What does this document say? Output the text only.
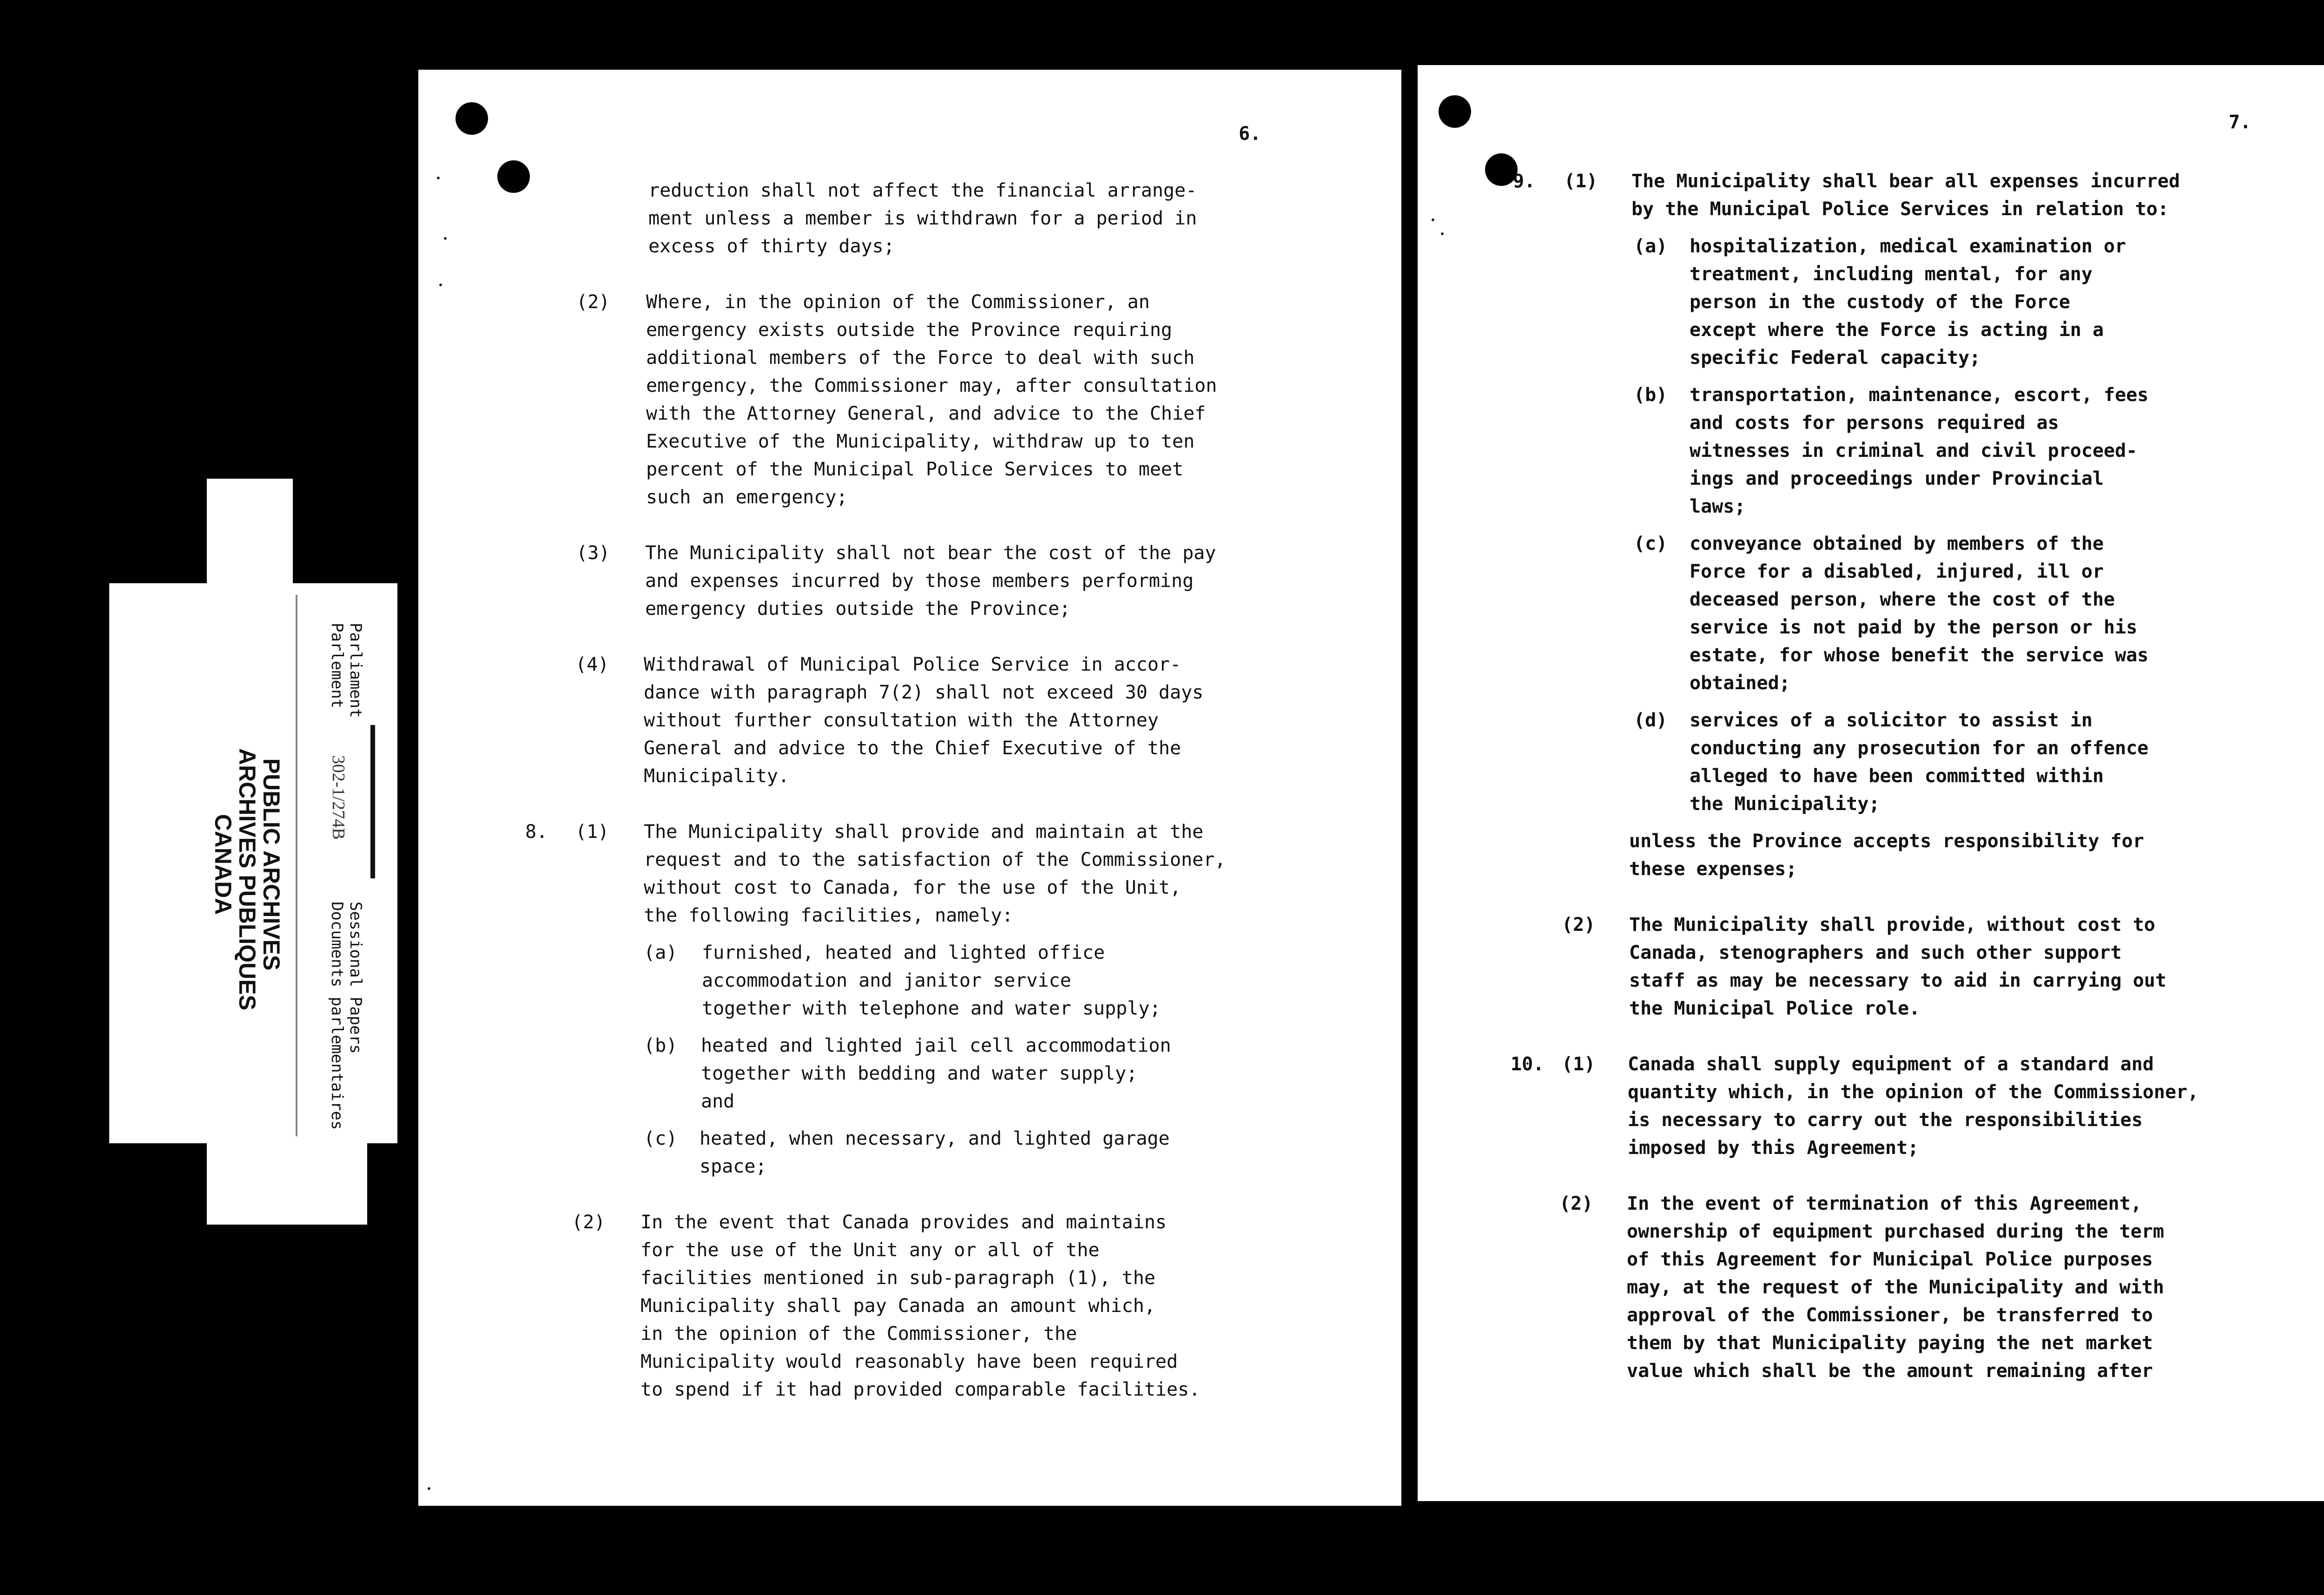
6.
reduction shall not affect the financial arrange-
ment unless a member is withdrawn for a period in
excess of thirty days;
(2) Where, in the opinion of the Commissioner, an
emergency exists outside the Province requiring
additional members of the Force to deal with such
emergency, the Commissioner may, after consultation
with the Attorney General, and advice to the Chief
Executive of the Municipality, withdraw up to ten
percent of the Municipal Police Services to meet
such an emergency;
(3) The Municipality shall not bear the cost of the pay
and expenses incurred by those members performing
emergency duties outside the Province;
(4) Withdrawal of Municipal Police Service in accor-
dance with paragraph 7(2) shall not exceed 30 days
without further consultation with the Attorney
General and advice to the Chief Executive of the
Municipality.
8. (1) The Municipality shall provide and maintain at the
request and to the satisfaction of the Commissioner,
without cost to Canada, for the use of the Unit,
the following facilities, namely:
(a) furnished, heated and lighted office
accommodation and janitor service
together with telephone and water supply;
(b) heated and lighted jail cell accommodation
together with bedding and water supply;
and
(c) heated, when necessary, and lighted garage
space;
(2) In the event that Canada provides and maintains
for the use of the Unit any or all of the
facilities mentioned in sub-paragraph (1), the
Municipality shall pay Canada an amount which,
in the opinion of the Commissioner, the
Municipality would reasonably have been required
to spend if it had provided comparable facilities.
7.
9. (1) The Municipality shall bear all expenses incurred
by the Municipal Police Services in relation to:
(a) hospitalization, medical examination or
treatment, including mental, for any
person in the custody of the Force
except where the Force is acting in a
specific Federal capacity;
(b) transportation, maintenance, escort, fees
and costs for persons required as
witnesses in criminal and civil proceed-
ings and proceedings under Provincial
laws;
(c) conveyance obtained by members of the
Force for a disabled, injured, ill or
deceased person, where the cost of the
service is not paid by the person or his
estate, for whose benefit the service was
obtained;
(d) services of a solicitor to assist in
conducting any prosecution for an offence
alleged to have been committed within
the Municipality;
unless the Province accepts responsibility for
these expenses;
(2) The Municipality shall provide, without cost to
Canada, stenographers and such other support
staff as may be necessary to aid in carrying out
the Municipal Police role.
10. (1) Canada shall supply equipment of a standard and
quantity which, in the opinion of the Commissioner,
is necessary to carry out the responsibilities
imposed by this Agreement;
(2) In the event of termination of this Agreement,
ownership of equipment purchased during the term
of this Agreement for Municipal Police purposes
may, at the request of the Municipality and with
approval of the Commissioner, be transferred to
them by that Municipality paying the net market
value which shall be the amount remaining after
PUBLIC ARCHIVES
ARCHIVES PUBLIQUES
CANADA
Parliament
Parlement
302-1/274B
Sessional Papers
Documents parlementaires
